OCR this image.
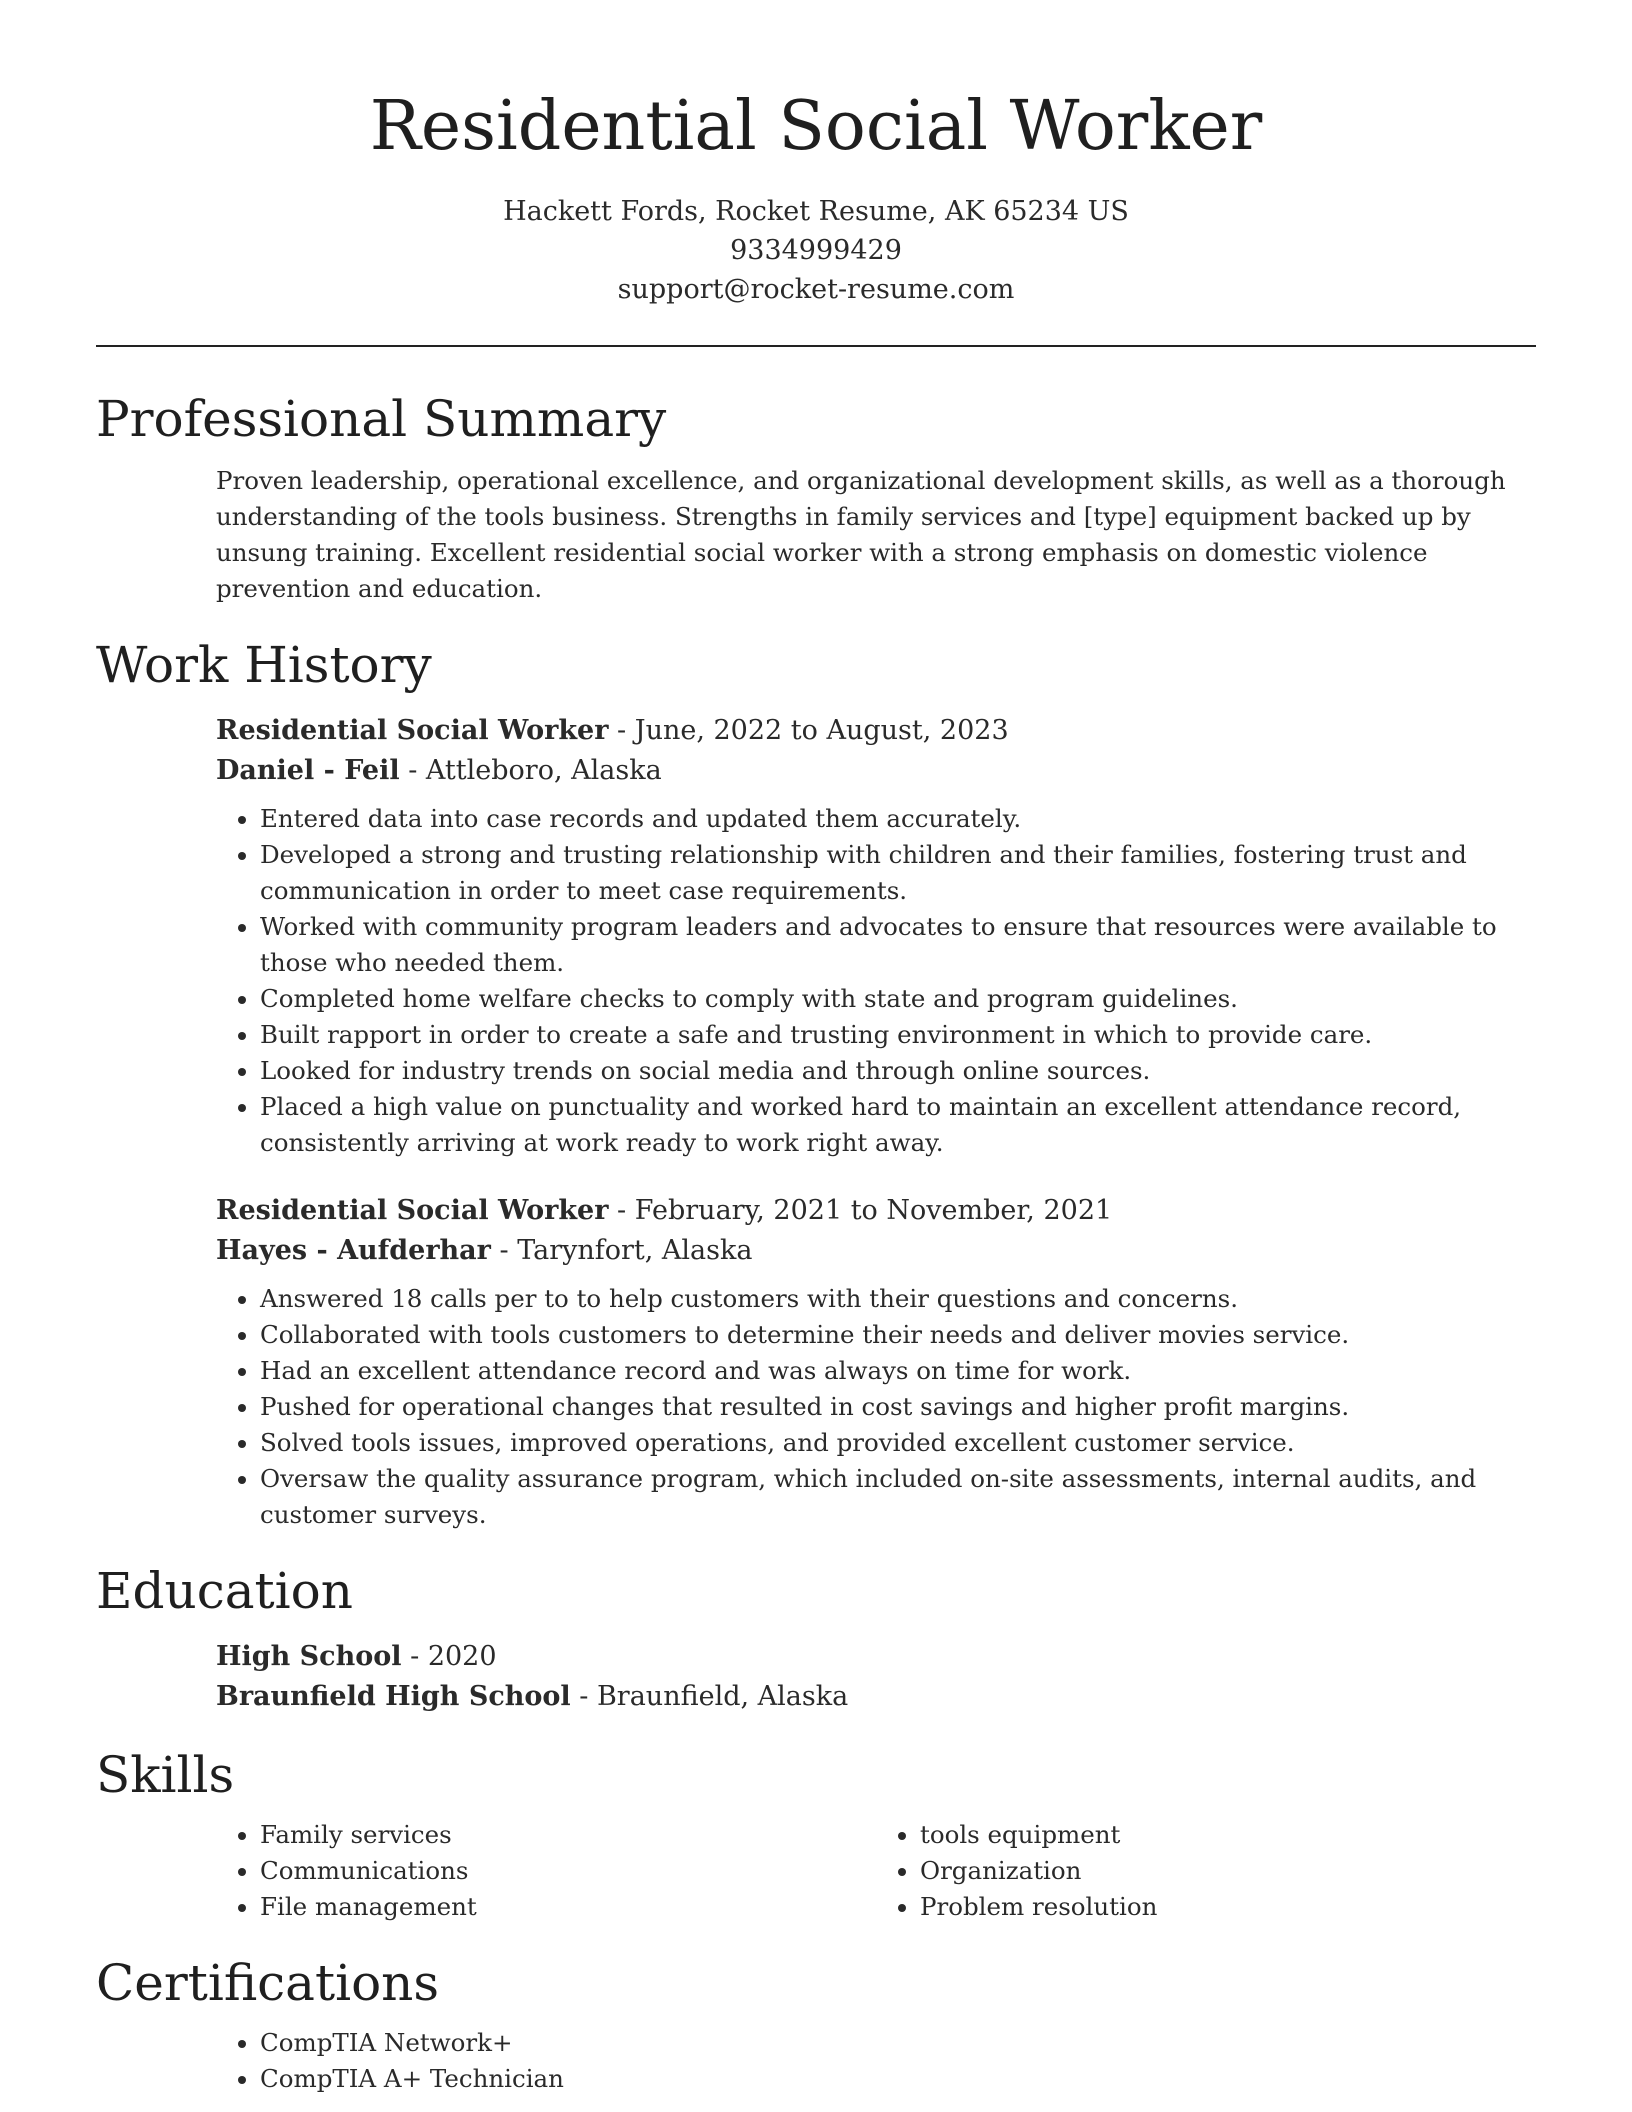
Residential Social Worker
Hackett Fords, Rocket Resume, AK 65234 US
9334999429
support@rocket-resume.com
Professional Summary
Proven leadership, operational excellence, and organizational development skills, as well as a thorough understanding of the tools business. Strengths in family services and [type] equipment backed up by unsung training. Excellent residential social worker with a strong emphasis on domestic violence prevention and education.
Work History
Residential Social Worker - June, 2022 to August, 2023
Daniel - Feil - Attleboro, Alaska
• Entered data into case records and updated them accurately.
• Developed a strong and trusting relationship with children and their families, fostering trust and communication in order to meet case requirements.
• Worked with community program leaders and advocates to ensure that resources were available to those who needed them.
• Completed home welfare checks to comply with state and program guidelines.
• Built rapport in order to create a safe and trusting environment in which to provide care.
• Looked for industry trends on social media and through online sources.
• Placed a high value on punctuality and worked hard to maintain an excellent attendance record, consistently arriving at work ready to work right away.
Residential Social Worker - February, 2021 to November, 2021
Hayes - Aufderhar - Tarynfort, Alaska
• Answered 18 calls per to to help customers with their questions and concerns.
• Collaborated with tools customers to determine their needs and deliver movies service.
• Had an excellent attendance record and was always on time for work.
• Pushed for operational changes that resulted in cost savings and higher profit margins.
• Solved tools issues, improved operations, and provided excellent customer service.
• Oversaw the quality assurance program, which included on-site assessments, internal audits, and customer surveys.
Education
High School - 2020
Braunfield High School - Braunfield, Alaska
Skills
• Family services
• Communications
• File management
• tools equipment
• Organization
• Problem resolution
Certifications
• CompTIA Network+
• CompTIA A+ Technician
